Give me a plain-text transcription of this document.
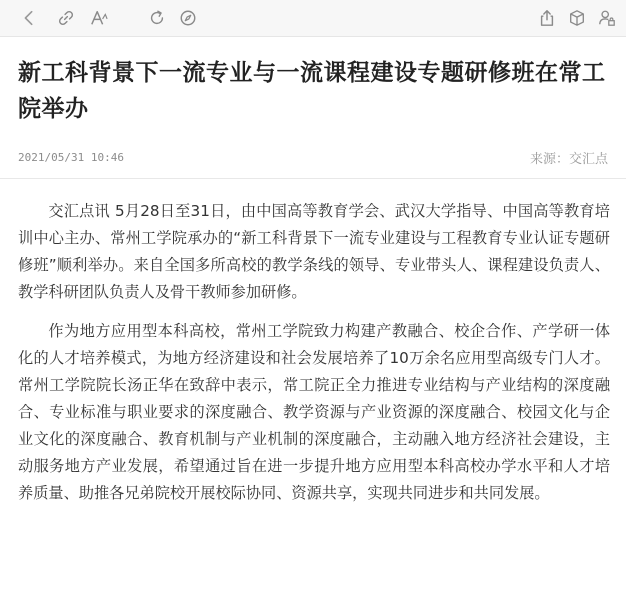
新工科背景下一流专业与一流课程建设专题研修班在常工院举办
2021/05/31 10:46	来源：交汇点

交汇点讯 5月28日至31日，由中国高等教育学会、武汉大学指导、中国高等教育培训中心主办、常州工学院承办的“新工科背景下一流专业建设与工程教育专业认证专题研修班”顺利举办。来自全国多所高校的教学条线的领导、专业带头人、课程建设负责人、教学科研团队负责人及骨干教师参加研修。

作为地方应用型本科高校，常州工学院致力构建产教融合、校企合作、产学研一体化的人才培养模式，为地方经济建设和社会发展培养了10万余名应用型高级专门人才。常州工学院院长汤正华在致辞中表示，常工院正全力推进专业结构与产业结构的深度融合、专业标准与职业要求的深度融合、教学资源与产业资源的深度融合、校园文化与企业文化的深度融合、教育机制与产业机制的深度融合，主动融入地方经济社会建设，主动服务地方产业发展，希望通过旨在进一步提升地方应用型本科高校办学水平和人才培养质量、助推各兄弟院校开展校际协同、资源共享，实现共同进步和共同发展。
